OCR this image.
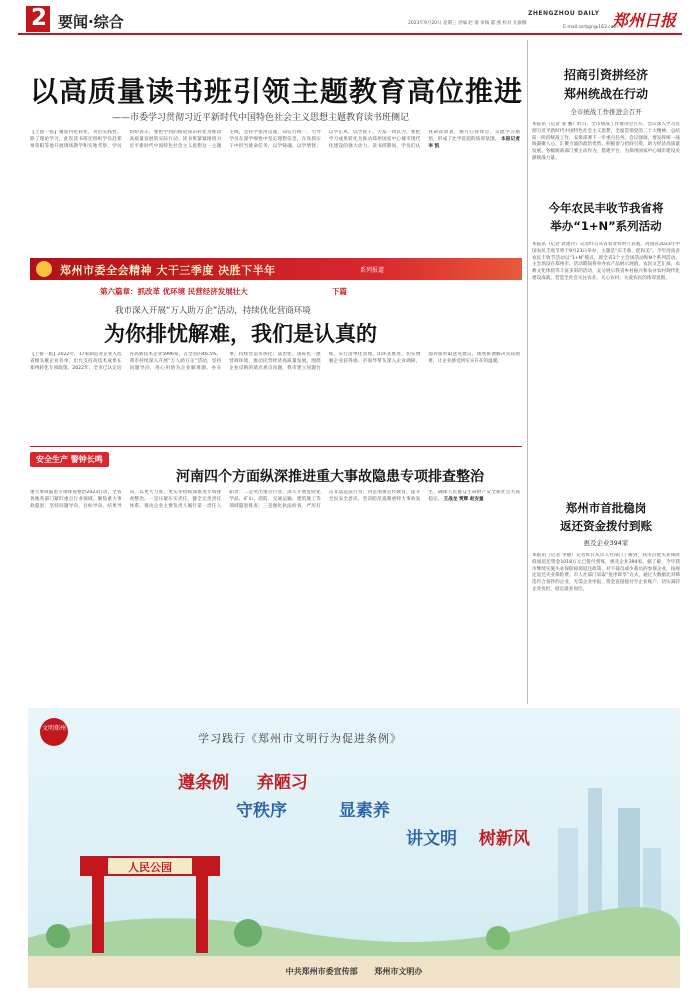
2 要闻·综合	ZHENGZHOU DAILY 郑州日报
2023年9月20日 星期三 责编 赵 倩 审核 董 燕 校对 孔敏娜
E-mail:zzrbgn@163.com
以高质量读书班引领主题教育高位推进
——市委学习贯彻习近平新时代中国特色社会主义思想主题教育读书班侧记
【上接一版】聚焦内化转化，突出实践性。除了理论学习，此次读书班还组织学员赴郑州荥阳等地开展现场教学和实地考察，学员纷纷表示，要把学到的理论知识转化为推动高质量发展的实际行动。读书班紧紧围绕习近平新时代中国特色社会主义思想这一主题主线，坚持学思用贯通、知信行统一，引导学员在深学细悟中坚定理想信念，在真抓实干中担当使命任务，以学铸魂、以学增智、以学正风、以学促干。大家一致认为，要把学习成果转化为推动郑州国家中心城市现代化建设的强大动力。读书班期间，学员们认真研读原著，撰写心得体会，交流学习感悟，形成了比学赶超的浓厚氛围。 本报记者 李 凯
招商引资拼经济
郑州统战在行动
全市统战工作推进会召开
本报讯（记者 张 鹏）昨日，全市统战工作推进会召开。会议深入学习贯彻习近平新时代中国特色社会主义思想，全面贯彻党的二十大精神，总结前一阶段统战工作，安排部署下一步重点任务。会议强调，要发挥统一战线凝聚人心、汇聚力量的政治优势，积极参与招商引资，助力经济高质量发展。各级统战部门要主动作为，搭建平台，为郑州国家中心城市建设贡献统战力量。
今年农民丰收节我省将
举办“1+N”系列活动
本报讯（记者 武建玲）记者昨日从省农业农村厅获悉，河南省2023年中国农民丰收节将于9月23日举办，主题是“庆丰收、促和美”。今年河南省农民丰收节活动以“1+N”模式，即全省1个主会场活动和N个系列活动。主会场设在郑州市。活动期间将举办农产品展示展销、农民文艺汇演、农耕文化体验等丰富多彩的活动，充分展示我省乡村振兴和农业农村现代化建设成就，营造全社会关注农业、关心农村、关爱农民的浓厚氛围。
郑州市首批稳岗
返还资金拨付到账
惠及企业394家
本报讯（记者 李丽）记者昨日从市人社部门了解到，我市首批失业保险稳岗返还资金1018万元已拨付到账，惠及企业394家。据了解，今年我市继续实施失业保险稳岗返还政策，对不裁员或少裁员的参保企业，按规定返还失业保险费。市人社部门采取“免申即享”方式，通过大数据比对筛选符合条件的企业，无需企业申报，资金直接拨付至企业账户，切实减轻企业负担，稳定就业岗位。
郑州市委全会精神 大干三季度 决胜下半年	系列报道
第六篇章：抓改革 优环境 民营经济发展壮大	下篇
我市深入开展“万人助万企”活动，持续优化营商环境
为你排忧解难，我们是认真的
【上接一版】2022年，17家制造业企业入选省级头雁企业名单，出台支持高技术成果在郑州转化专项政策。2022年，全市已认定培育高新技术企业5996家，占全省的46.5%。我市持续深入开展“万人助万企”活动，坚持问题导向，用心用情为企业解难题、办实事，持续营造市场化、法治化、国际化一流营商环境，推动民营经济高质量发展。围绕企业反映的堵点难点问题，我市建立问题台账，实行清单化管理、闭环式推进，切实增强企业获得感。市领导带头深入企业调研，面对面听取意见建议，现场协调解决实际困难，让企业感受到实实在在的温暖。
安全生产 警钟长鸣
河南四个方面纵深推进重大事故隐患专项排查整治
重大事故隐患专项排查整治2023行动，全省各地各部门紧盯重点行业领域，聚焦重大事故隐患，坚持问题导向、目标导向、结果导向，以更大力度、更实举措纵深推进专项排查整治。一是压紧压实责任，健全完善责任体系，推动企业主要负责人履行第一责任人职责；二是突出重点行业，深入开展危险化学品、矿山、消防、交通运输、建筑施工等领域隐患排查；三是强化执法检查，严厉打击非法违法行为；四是加强宣传教育，提升全民安全意识，坚决防范遏制重特大事故发生，确保人民群众生命财产安全和社会大局稳定。 王战龙 贾辉 赵安童
人民公园
文明郑州
学习践行《郑州市文明行为促进条例》
遵条例 弃陋习
守秩序	显素养
讲文明 树新风
中共郑州市委宣传部 郑州市文明办
